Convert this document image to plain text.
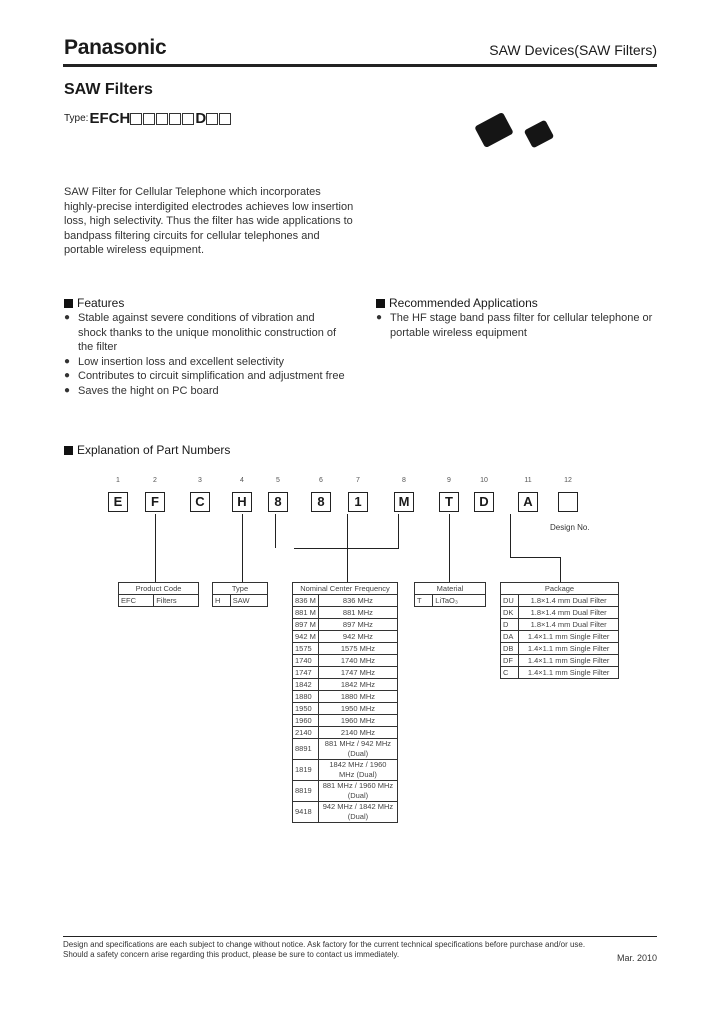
Panasonic	SAW Devices(SAW Filters)
SAW Filters
Type: EFCH	D
SAW Filter for Cellular Telephone which incorporates highly-precise interdigited electrodes achieves low insertion loss, high selectivity. Thus the filter has wide applications to bandpass filtering circuits for cellular telephones and portable wireless equipment.
Features
● Stable against severe conditions of vibration and shock thanks to the unique monolithic construction of the filter
● Low insertion loss and excellent selectivity
● Contributes to circuit simplification and adjustment free
● Saves the hight on PC board
Recommended Applications
● The HF stage band pass filter for cellular telephone or portable wireless equipment
Explanation of Part Numbers
1
E
2
F
3
C
4
H
5
8
6
8
7
1
8
M
9
T
10
D
11
A
12
Design No.
Product Code
EFC	Filters
Type
H	SAW
Nominal Center Frequency	
836 M	836 MHz
881 M	881 MHz
897 M	897 MHz
942 M	942 MHz
1575	1575 MHz
1740	1740 MHz
1747	1747 MHz
1842	1842 MHz
1880	1880 MHz
1950	1950 MHz
1960	1960 MHz
2140	2140 MHz
8891	881 MHz / 942 MHz (Dual)
1819	1842 MHz / 1960 MHz (Dual)
8819	881 MHz / 1960 MHz (Dual)
9418	942 MHz / 1842 MHz (Dual)
Material
T	LiTaO₃
Package	
DU	1.8×1.4 mm Dual Filter
DK	1.8×1.4 mm Dual Filter
D	1.8×1.4 mm Dual Filter
DA	1.4×1.1 mm Single Filter
DB	1.4×1.1 mm Single Filter
DF	1.4×1.1 mm Single Filter
C	1.4×1.1 mm Single Filter
Design and specifications are each subject to change without notice. Ask factory for the current technical specifications before purchase and/or use.
Should a safety concern arise regarding this product, please be sure to contact us immediately.	Mar. 2010
